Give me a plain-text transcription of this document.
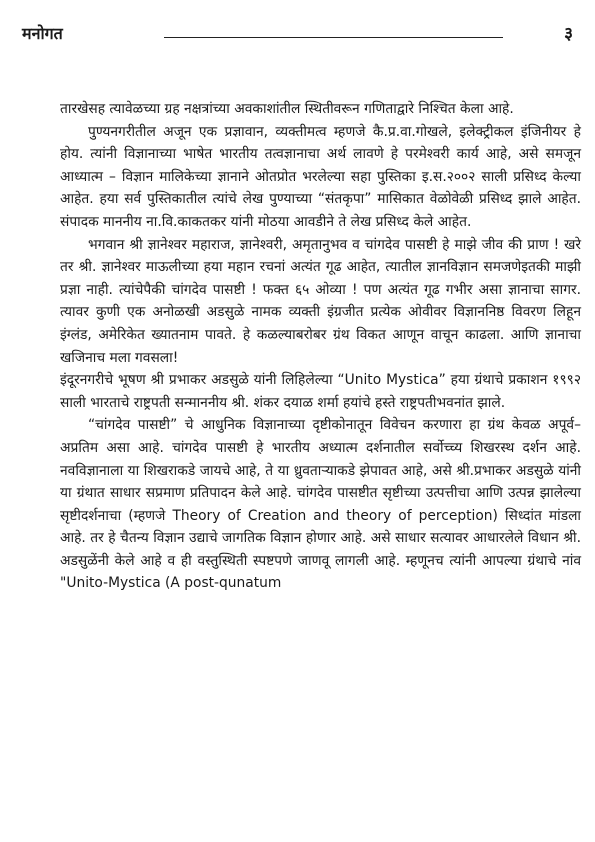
मनोगत	३

तारखेसह त्यावेळच्या ग्रह नक्षत्रांच्या अवकाशांतील स्थितीवरून गणिताद्वारे निश्चित केला आहे.

पुण्यनगरीतील अजून एक प्रज्ञावान, व्यक्तीमत्व म्हणजे कै.प्र.वा.गोखले, इलेक्ट्रीकल इंजिनीयर हे होय. त्यांनी विज्ञानाच्या भाषेत भारतीय तत्वज्ञानाचा अर्थ लावणे हे परमेश्वरी कार्य आहे, असे समजून आध्यात्म – विज्ञान मालिकेच्या ज्ञानाने ओतप्रोत भरलेल्या सहा पुस्तिका इ.स.२००२ साली प्रसिध्द केल्या आहेत. हया सर्व पुस्तिकातील त्यांचे लेख पुण्याच्या “संतकृपा” मासिकात वेळोवेळी प्रसिध्द झाले आहेत. संपादक माननीय ना.वि.काकतकर यांनी मोठया आवडीने ते लेख प्रसिध्द केले आहेत.

भगवान श्री ज्ञानेश्वर महाराज, ज्ञानेश्वरी, अमृतानुभव व चांगदेव पासष्टी हे माझे जीव की प्राण ! खरे तर श्री. ज्ञानेश्वर माऊलीच्या हया महान रचनां अत्यंत गूढ आहेत, त्यातील ज्ञानविज्ञान समजणेइतकी माझी प्रज्ञा नाही. त्यांचेपैकी चांगदेव पासष्टी ! फक्त ६५ ओव्या ! पण अत्यंत गूढ गभीर असा ज्ञानाचा सागर. त्यावर कुणी एक अनोळखी अडसुळे नामक व्यक्ती इंग्रजीत प्रत्येक ओवीवर विज्ञाननिष्ठ विवरण लिहून इंग्लंड, अमेरिकेत ख्यातनाम पावते. हे कळल्याबरोबर ग्रंथ विकत आणून वाचून काढला. आणि ज्ञानाचा खजिनाच मला गवसला!

इंदूरनगरीचे भूषण श्री प्रभाकर अडसुळे यांनी लिहिलेल्या “Unito Mystica” हया ग्रंथाचे प्रकाशन १९९२ साली भारताचे राष्ट्रपती सन्माननीय श्री. शंकर दयाळ शर्मा हयांचे हस्ते राष्ट्रपतीभवनांत झाले.

“चांगदेव पासष्टी” चे आधुनिक विज्ञानाच्या दृष्टीकोनातून विवेचन करणारा हा ग्रंथ केवळ अपूर्व–अप्रतिम असा आहे. चांगदेव पासष्टी हे भारतीय अध्यात्म दर्शनातील सर्वोच्च्य शिखरस्थ दर्शन आहे. नवविज्ञानाला या शिखराकडे जायचे आहे, ते या ध्रुवताऱ्याकडे झेपावत आहे, असे श्री.प्रभाकर अडसुळे यांनी या ग्रंथात साधार सप्रमाण प्रतिपादन केले आहे. चांगदेव पासष्टीत सृष्टीच्या उत्पत्तीचा आणि उत्पन्न झालेल्या सृष्टीदर्शनाचा (म्हणजे Theory of Creation and theory of perception) सिध्दांत मांडला आहे. तर हे चैतन्य विज्ञान उद्याचे जागतिक विज्ञान होणार आहे. असे साधार सत्यावर आधारलेले विधान श्री. अडसुळेंनी केले आहे व ही वस्तुस्थिती स्पष्टपणे जाणवू लागली आहे. म्हणूनच त्यांनी आपल्या ग्रंथाचे नांव "Unito-Mystica (A post-qunatum
